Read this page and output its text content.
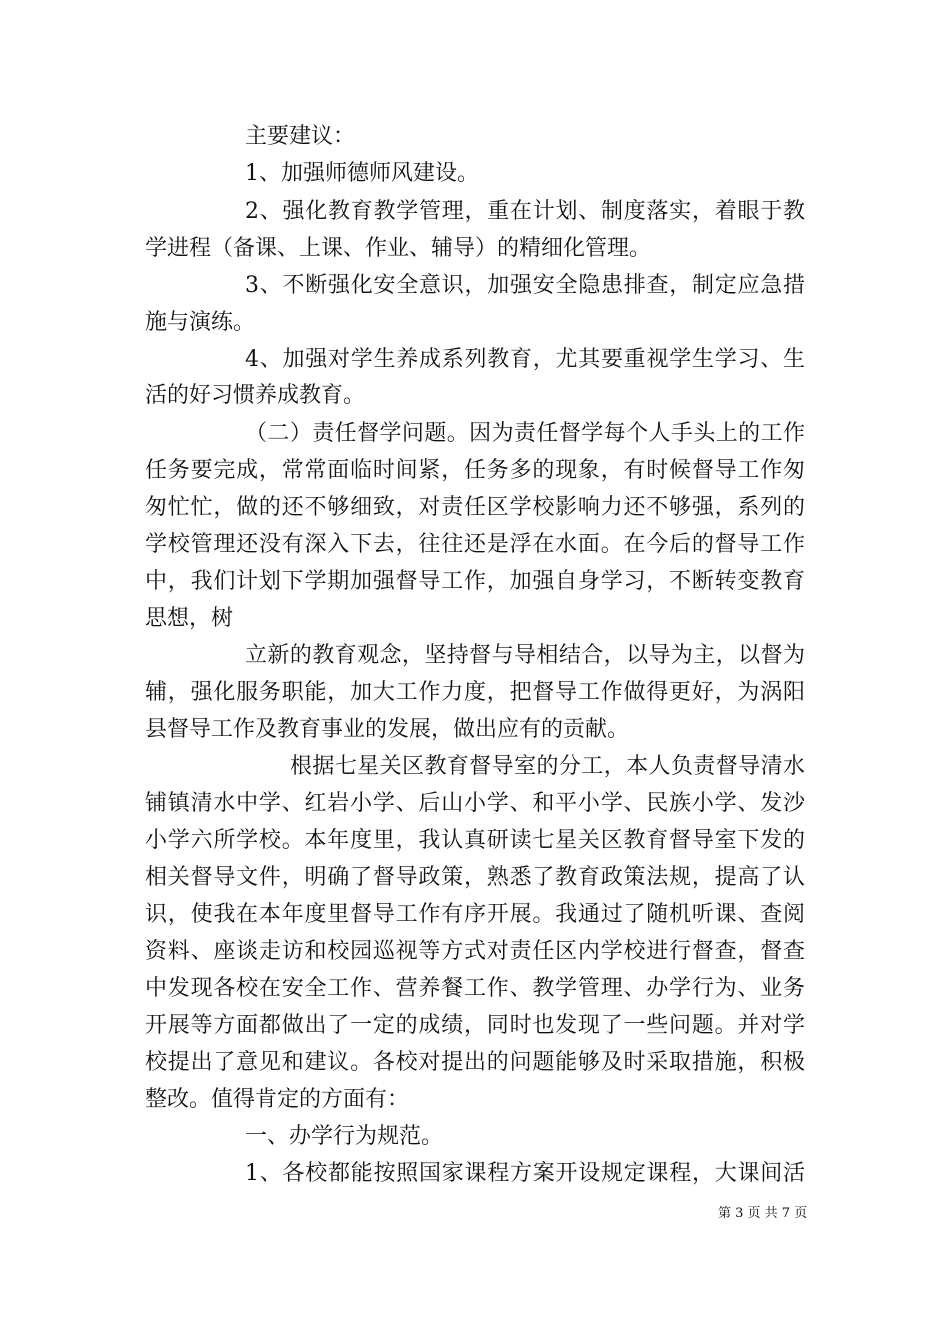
主要建议：
1、加强师德师风建设。
2、强化教育教学管理，重在计划、制度落实，着眼于教
学进程（备课、上课、作业、辅导）的精细化管理。
3、不断强化安全意识，加强安全隐患排查，制定应急措
施与演练。
4、加强对学生养成系列教育，尤其要重视学生学习、生
活的好习惯养成教育。
（二）责任督学问题。因为责任督学每个人手头上的工作
任务要完成，常常面临时间紧，任务多的现象，有时候督导工作匆
匆忙忙，做的还不够细致，对责任区学校影响力还不够强，系列的
学校管理还没有深入下去，往往还是浮在水面。在今后的督导工作
中，我们计划下学期加强督导工作，加强自身学习，不断转变教育
思想，树
立新的教育观念，坚持督与导相结合，以导为主，以督为
辅，强化服务职能，加大工作力度，把督导工作做得更好，为涡阳
县督导工作及教育事业的发展，做出应有的贡献。
根据七星关区教育督导室的分工，本人负责督导清水
铺镇清水中学、红岩小学、后山小学、和平小学、民族小学、发沙
小学六所学校。本年度里，我认真研读七星关区教育督导室下发的
相关督导文件，明确了督导政策，熟悉了教育政策法规，提高了认
识，使我在本年度里督导工作有序开展。我通过了随机听课、查阅
资料、座谈走访和校园巡视等方式对责任区内学校进行督查，督查
中发现各校在安全工作、营养餐工作、教学管理、办学行为、业务
开展等方面都做出了一定的成绩，同时也发现了一些问题。并对学
校提出了意见和建议。各校对提出的问题能够及时采取措施，积极
整改。值得肯定的方面有：
一、办学行为规范。
1、各校都能按照国家课程方案开设规定课程，大课间活
第 3 页 共 7 页
